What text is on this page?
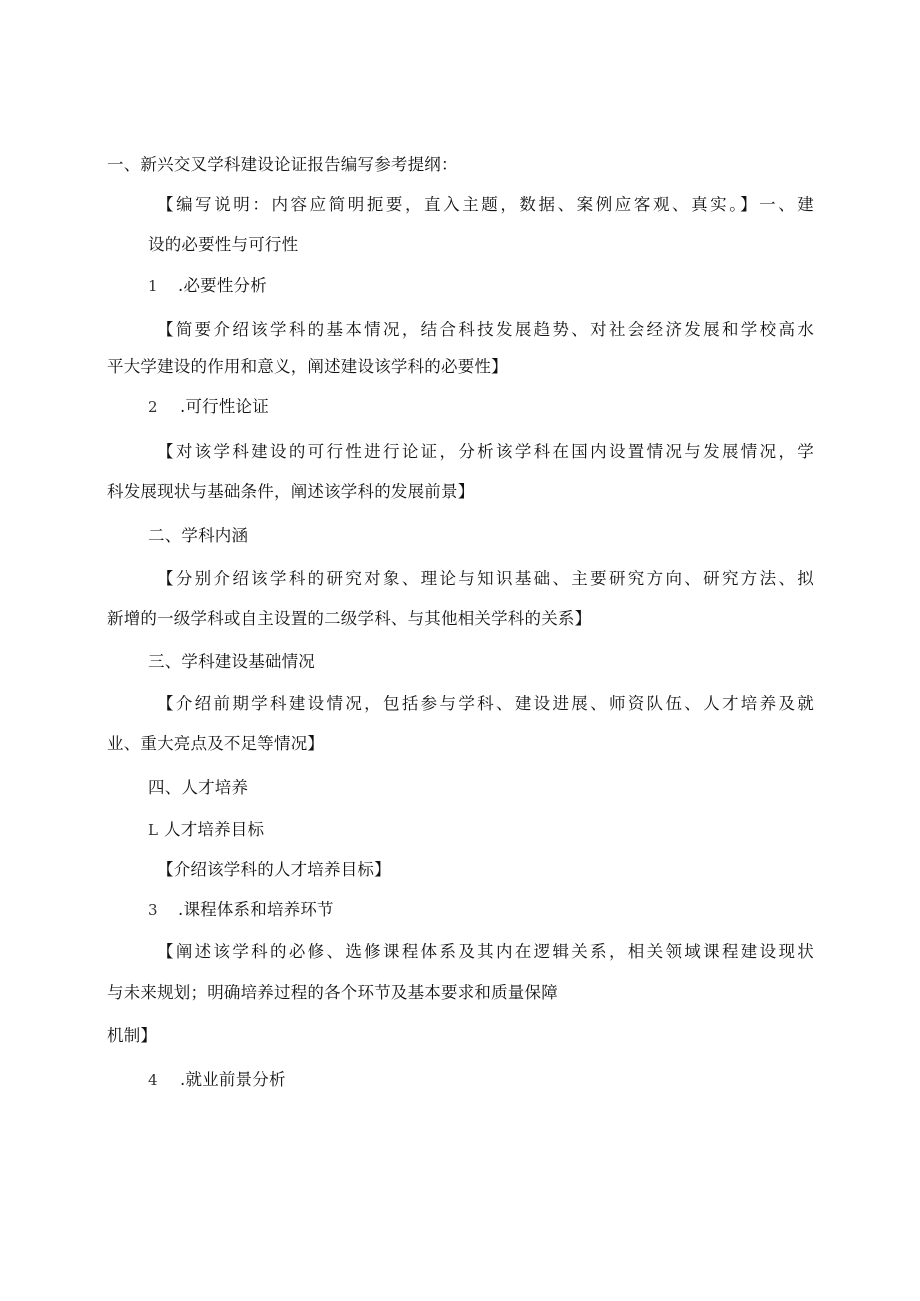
一、新兴交叉学科建设论证报告编写参考提纲：
【编写说明：内容应简明扼要，直入主题，数据、案例应客观、真实。】一、建
设的必要性与可行性
1 .必要性分析
【简要介绍该学科的基本情况，结合科技发展趋势、对社会经济发展和学校高水
平大学建设的作用和意义，阐述建设该学科的必要性】
2 .可行性论证
【对该学科建设的可行性进行论证，分析该学科在国内设置情况与发展情况，学
科发展现状与基础条件，阐述该学科的发展前景】
二、学科内涵
【分别介绍该学科的研究对象、理论与知识基础、主要研究方向、研究方法、拟
新增的一级学科或自主设置的二级学科、与其他相关学科的关系】
三、学科建设基础情况
【介绍前期学科建设情况，包括参与学科、建设进展、师资队伍、人才培养及就
业、重大亮点及不足等情况】
四、人才培养
L 人才培养目标
【介绍该学科的人才培养目标】
3 .课程体系和培养环节
【阐述该学科的必修、选修课程体系及其内在逻辑关系，相关领域课程建设现状
与未来规划；明确培养过程的各个环节及基本要求和质量保障
机制】
4 .就业前景分析
